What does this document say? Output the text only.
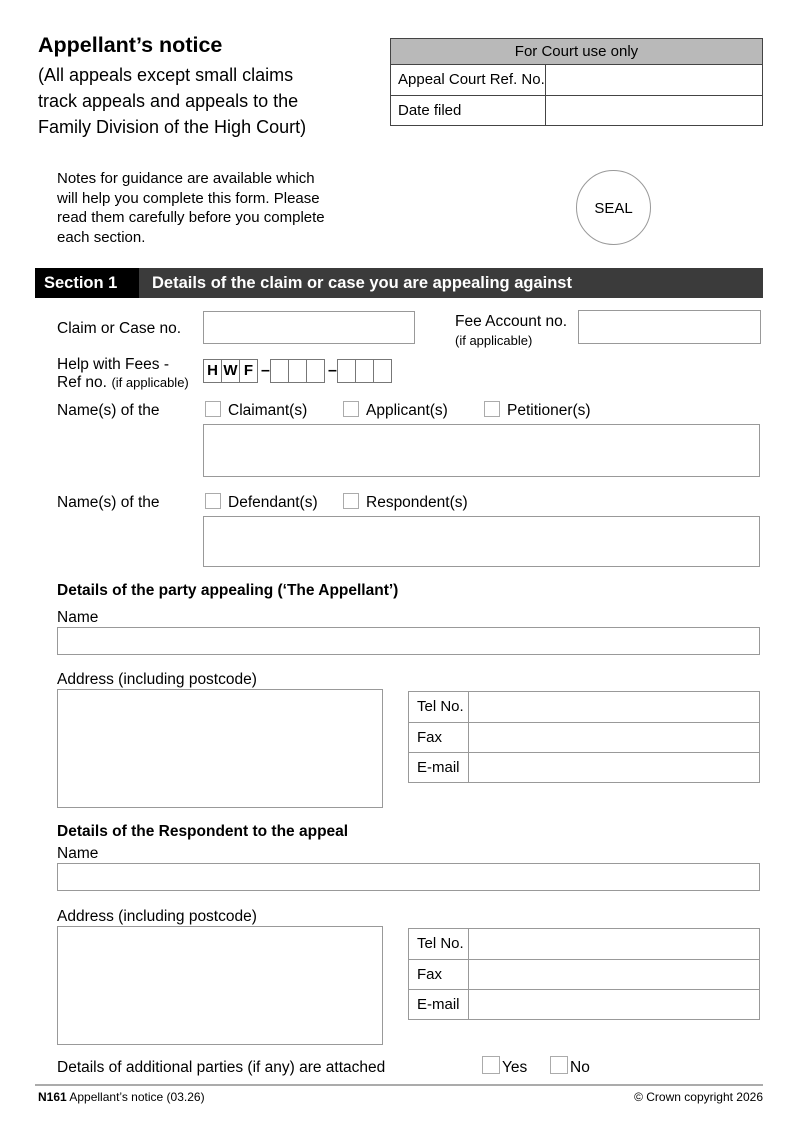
Appellant’s notice
(All appeals except small claims
track appeals and appeals to the
Family Division of the High Court)
For Court use only
Appeal Court Ref. No.
Date filed
Notes for guidance are available which
will help you complete this form. Please
read them carefully before you complete
each section.
SEAL
Section 1	Details of the claim or case you are appealing against
Claim or Case no.	Fee Account no.
(if applicable)
Help with Fees -
Ref no. (if applicable)
H W F –	–
Name(s) of the	Claimant(s)	Applicant(s)	Petitioner(s)
Name(s) of the	Defendant(s)	Respondent(s)
Details of the party appealing (‘The Appellant’)
Name
Address (including postcode)
Tel No.
Fax
E-mail
Details of the Respondent to the appeal
Name
Address (including postcode)
Tel No.
Fax
E-mail
Details of additional parties (if any) are attached	Yes	No
N161 Appellant’s notice (03.26)	© Crown copyright 2026
